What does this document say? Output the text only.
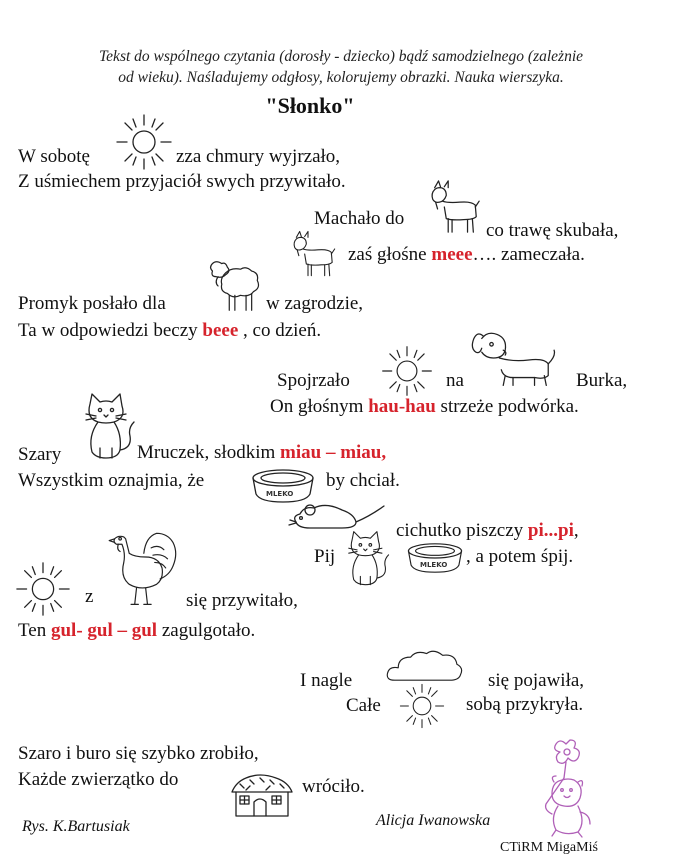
Tekst do wspólnego czytania (dorosły - dziecko) bądź samodzielnego (zależnie
od wieku). Naśladujemy odgłosy, kolorujemy obrazki. Nauka wierszyka.
"Słonko"
W sobotę	zza chmury wyjrzało,
Z uśmiechem przyjaciół swych przywitało.
Machało do
co trawę skubała,
zaś głośne meee…. zameczała.
Promyk posłało dla	w zagrodzie,
Ta w odpowiedzi beczy beee , co dzień.
Spojrzało	na	Burka,
On głośnym hau-hau strzeże podwórka.
Szary	Mruczek, słodkim miau – miau,
Wszystkim oznajmia, że
MLEKO
by chciał.
cichutko piszczy pi...pi,
Pij	MLEKO , a potem śpij.
z	się przywitało,
Ten gul- gul – gul zagulgotało.
I nagle	się pojawiła,
Całe	sobą przykryła.
Szaro i buro się szybko zrobiło,
Każde zwierzątko do	wróciło.
Rys. K.Bartusiak	Alicja Iwanowska
CTiRM MigaMiś
